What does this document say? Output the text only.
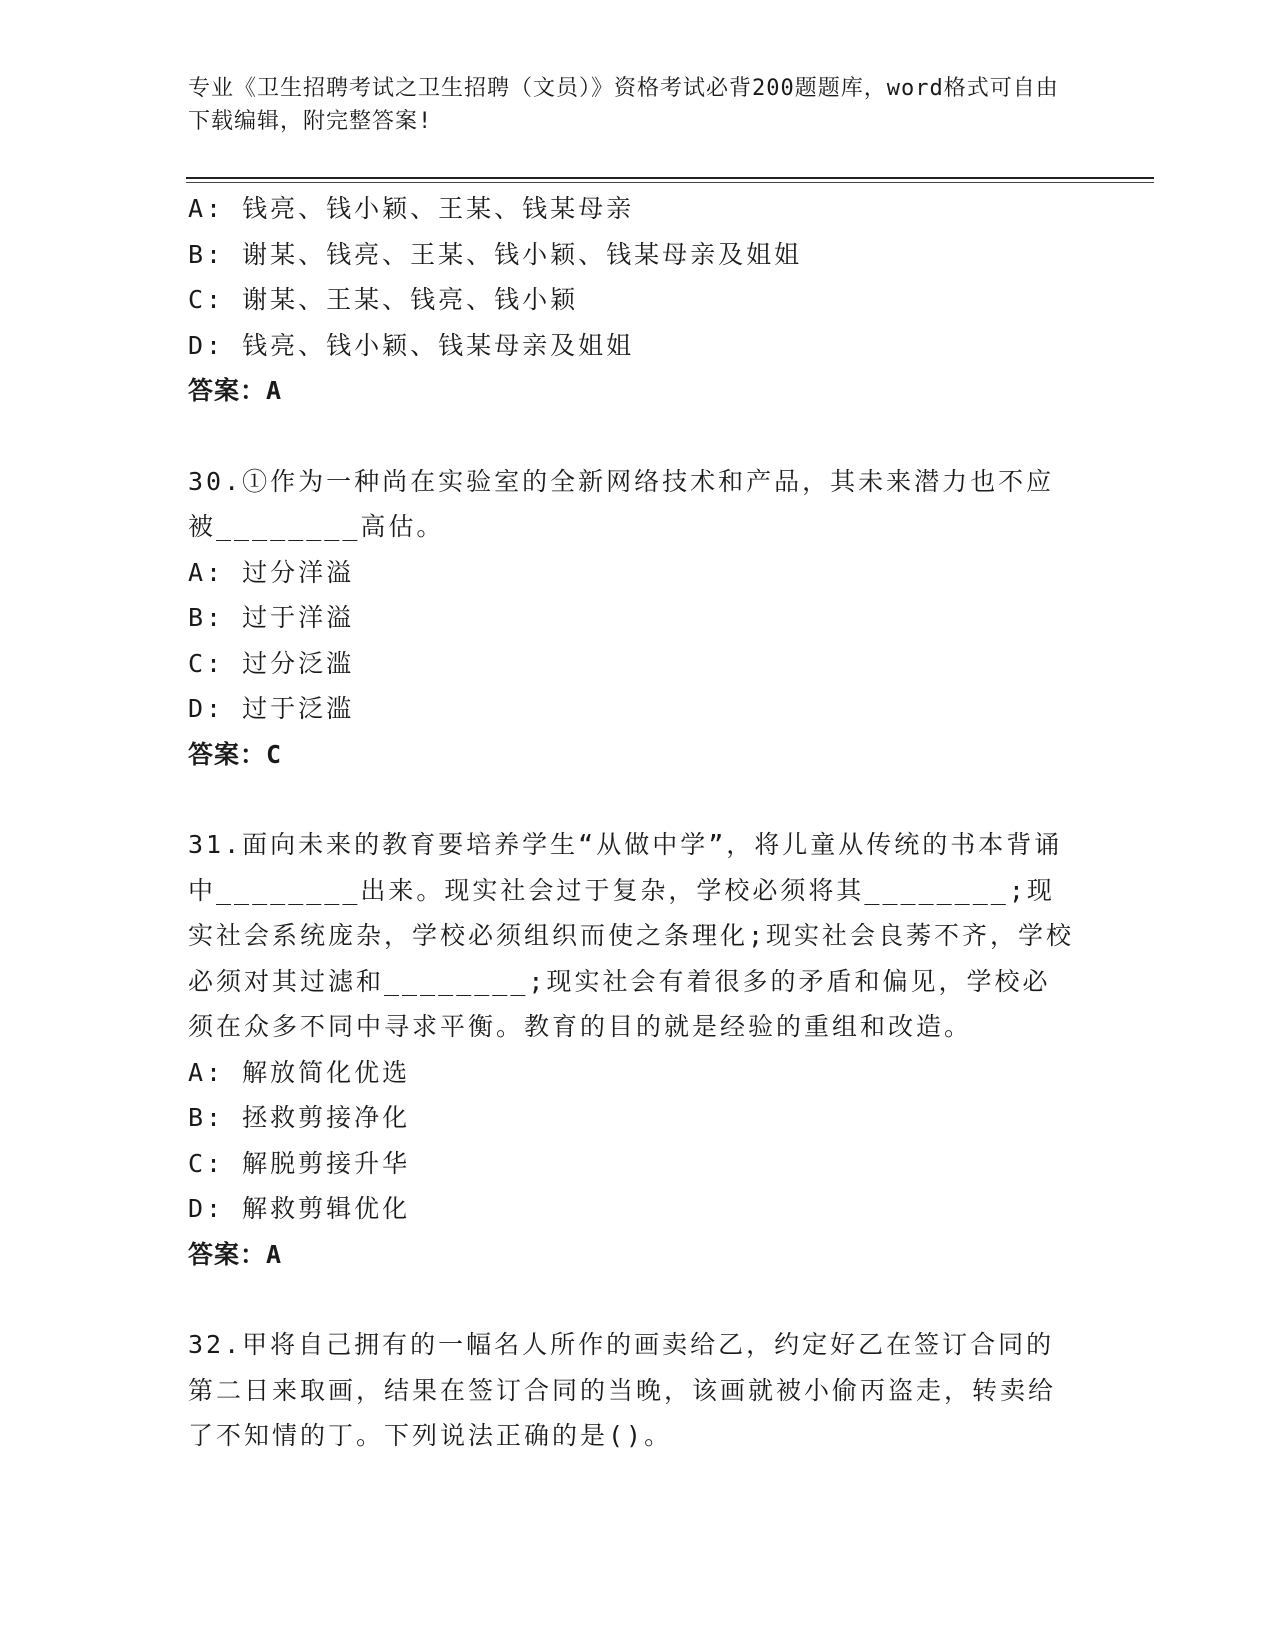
专业《卫生招聘考试之卫生招聘（文员）》资格考试必背200题题库，word格式可自由下载编辑，附完整答案!
A: 钱亮、钱小颖、王某、钱某母亲
B: 谢某、钱亮、王某、钱小颖、钱某母亲及姐姐
C: 谢某、王某、钱亮、钱小颖
D: 钱亮、钱小颖、钱某母亲及姐姐
答案：A
30.①作为一种尚在实验室的全新网络技术和产品，其未来潜力也不应被________高估。
A: 过分洋溢
B: 过于洋溢
C: 过分泛滥
D: 过于泛滥
答案：C
31.面向未来的教育要培养学生“从做中学”，将儿童从传统的书本背诵中________出来。现实社会过于复杂，学校必须将其________;现实社会系统庞杂，学校必须组织而使之条理化;现实社会良莠不齐，学校必须对其过滤和________;现实社会有着很多的矛盾和偏见，学校必须在众多不同中寻求平衡。教育的目的就是经验的重组和改造。
A: 解放简化优选
B: 拯救剪接净化
C: 解脱剪接升华
D: 解救剪辑优化
答案：A
32.甲将自己拥有的一幅名人所作的画卖给乙，约定好乙在签订合同的第二日来取画，结果在签订合同的当晚，该画就被小偷丙盗走，转卖给了不知情的丁。下列说法正确的是()。
